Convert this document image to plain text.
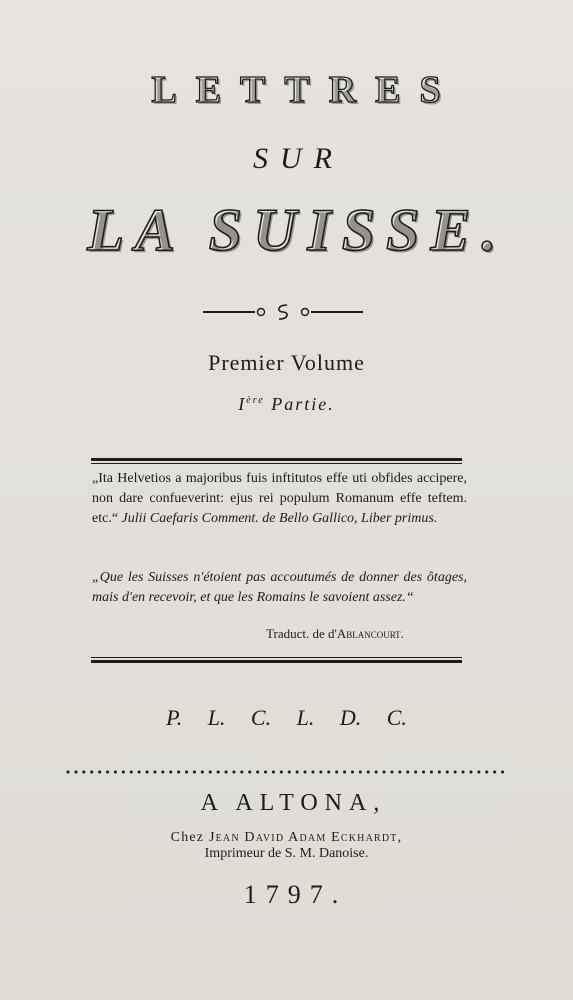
LETTRES
SUR
LA SUISSE.
Premier Volume
Ière Partie.

„Ita Helvetios a majoribus fuis inftitutos effe uti obfides accipere, non dare confueverint: ejus rei populum Romanum effe teftem. etc.“ Julii Caefaris Comment. de Bello Gallico, Liber primus.

„Que les Suisses n'étoient pas accoutumés de donner des ôtages, mais d'en recevoir, et que les Romains le savoient assez.“

Traduct. de d'Ablancourt.
P. L. C. L. D. C.
A ALTONA,
Chez Jean David Adam Eckhardt,
Imprimeur de S. M. Danoise.
1797.
